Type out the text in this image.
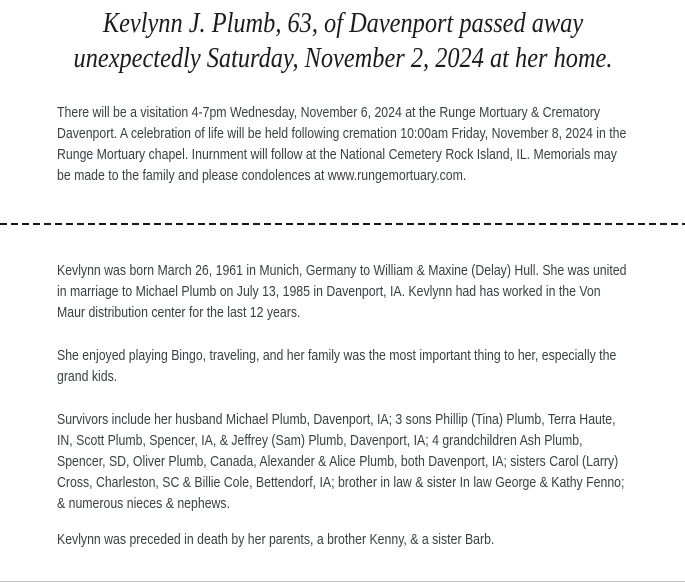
Kevlynn J. Plumb, 63, of Davenport passed away unexpectedly Saturday, November 2, 2024 at her home.

There will be a visitation 4-7pm Wednesday, November 6, 2024 at the Runge Mortuary & Crematory Davenport. A celebration of life will be held following cremation 10:00am Friday, November 8, 2024 in the Runge Mortuary chapel. Inurnment will follow at the National Cemetery Rock Island, IL. Memorials may be made to the family and please condolences at www.rungemortuary.com.

Kevlynn was born March 26, 1961 in Munich, Germany to William & Maxine (Delay) Hull. She was united in marriage to Michael Plumb on July 13, 1985 in Davenport, IA. Kevlynn had has worked in the Von Maur distribution center for the last 12 years.

She enjoyed playing Bingo, traveling, and her family was the most important thing to her, especially the grand kids.

Survivors include her husband Michael Plumb, Davenport, IA; 3 sons Phillip (Tina) Plumb, Terra Haute, IN, Scott Plumb, Spencer, IA, & Jeffrey (Sam) Plumb, Davenport, IA; 4 grandchildren Ash Plumb, Spencer, SD, Oliver Plumb, Canada, Alexander & Alice Plumb, both Davenport, IA; sisters Carol (Larry) Cross, Charleston, SC & Billie Cole, Bettendorf, IA; brother in law & sister In law George & Kathy Fenno; & numerous nieces & nephews.

Kevlynn was preceded in death by her parents, a brother Kenny, & a sister Barb.
